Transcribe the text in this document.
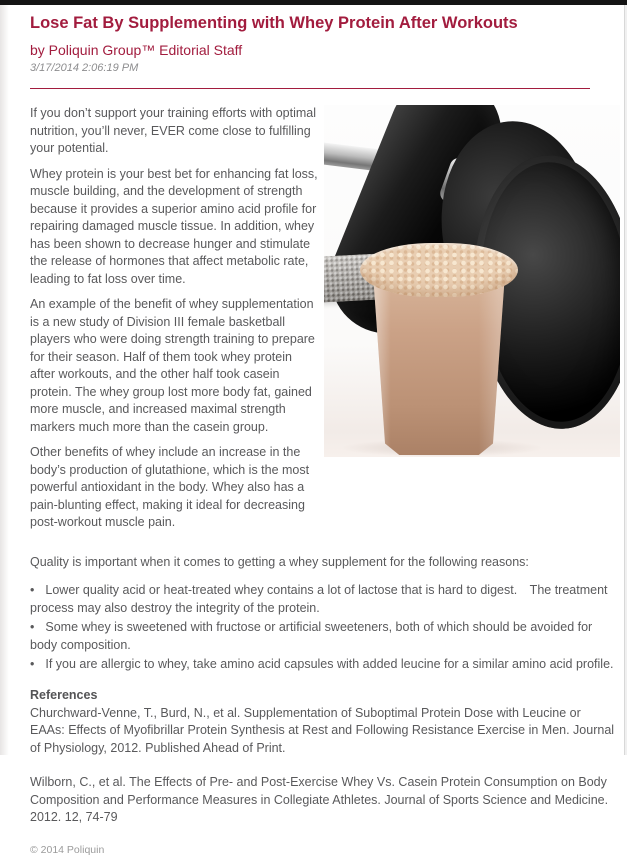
Lose Fat By Supplementing with Whey Protein After Workouts
by Poliquin Group™ Editorial Staff
3/17/2014 2:06:19 PM

If you don’t support your training efforts with optimal nutrition, you’ll never, EVER come close to fulfilling your potential.

Whey protein is your best bet for enhancing fat loss, muscle building, and the development of strength because it provides a superior amino acid profile for repairing damaged muscle tissue. In addition, whey has been shown to decrease hunger and stimulate the release of hormones that affect metabolic rate, leading to fat loss over time.

An example of the benefit of whey supplementation is a new study of Division III female basketball players who were doing strength training to prepare for their season. Half of them took whey protein after workouts, and the other half took casein protein. The whey group lost more body fat, gained more muscle, and increased maximal strength markers much more than the casein group.

Other benefits of whey include an increase in the body’s production of glutathione, which is the most powerful antioxidant in the body. Whey also has a pain-blunting effect, making it ideal for decreasing post-workout muscle pain.

Quality is important when it comes to getting a whey supplement for the following reasons:

• Lower quality acid or heat-treated whey contains a lot of lactose that is hard to digest. The treatment process may also destroy the integrity of the protein.
• Some whey is sweetened with fructose or artificial sweeteners, both of which should be avoided for body composition.
• If you are allergic to whey, take amino acid capsules with added leucine for a similar amino acid profile.
References

Churchward-Venne, T., Burd, N., et al. Supplementation of Suboptimal Protein Dose with Leucine or EAAs: Effects of Myofibrillar Protein Synthesis at Rest and Following Resistance Exercise in Men. Journal of Physiology, 2012. Published Ahead of Print.

Wilborn, C., et al. The Effects of Pre- and Post-Exercise Whey Vs. Casein Protein Consumption on Body Composition and Performance Measures in Collegiate Athletes. Journal of Sports Science and Medicine. 2012. 12, 74-79

© 2014 Poliquin
